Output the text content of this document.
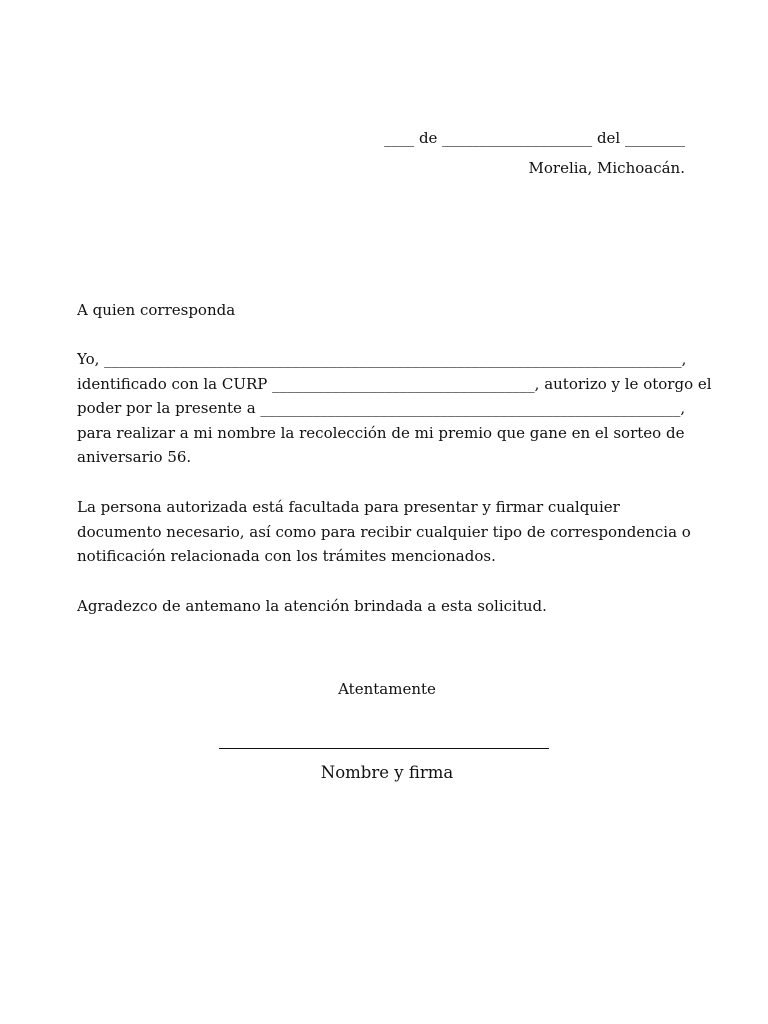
____ de ____________________ del ________
Morelia, Michoacán.
A quien corresponda
Yo, _____________________________________________________________________________,
identificado con la CURP ___________________________________, autorizo y le otorgo el
poder por la presente a ________________________________________________________,
para realizar a mi nombre la recolección de mi premio que gane en el sorteo de
aniversario 56.

La persona autorizada está facultada para presentar y firmar cualquier documento necesario, así como para recibir cualquier tipo de correspondencia o notificación relacionada con los trámites mencionados.

Agradezco de antemano la atención brindada a esta solicitud.

Atentamente
Nombre y firma
